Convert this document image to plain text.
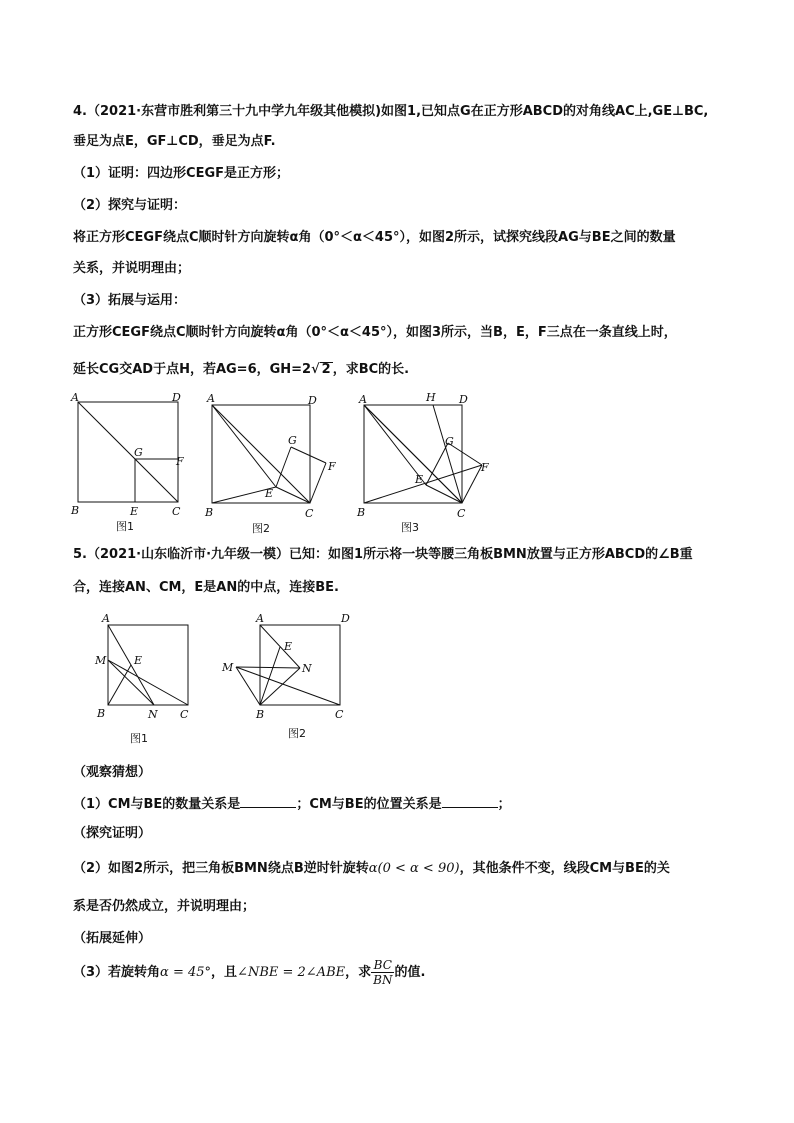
4.（2021·东营市胜利第三十九中学九年级其他模拟)如图1,已知点G在正方形ABCD的对角线AC上,GE⊥BC,
垂足为点E，GF⊥CD，垂足为点F.
（1）证明：四边形CEGF是正方形；
（2）探究与证明：
将正方形CEGF绕点C顺时针方向旋转α角（0°＜α＜45°），如图2所示，试探究线段AG与BE之间的数量
关系，并说明理由；
（3）拓展与运用：
正方形CEGF绕点C顺时针方向旋转α角（0°＜α＜45°），如图3所示，当B，E，F三点在一条直线上时，
延长CG交AD于点H，若AG=6，GH=2√ 2 ，求BC的长.
A	D
B	C
G
F
E
图1
A	D
B	C
G
F
E
图2
A	H D
B	C
G
F
E
图3
5.（2021·山东临沂市·九年级一模）已知：如图1所示将一块等腰三角板BMN放置与正方形ABCD的∠B重
合，连接AN、CM，E是AN的中点，连接BE.
A
M	E
B	N C
图1
A	D
M
E
N
B	C
图2
（观察猜想）
（1）CM与BE的数量关系是	；CM与BE的位置关系是	；
（探究证明）
（2）如图2所示，把三角板BMN绕点B逆时针旋转α(0 < α < 90)，其他条件不变，线段CM与BE的关
系是否仍然成立，并说明理由；
（拓展延伸）
（3）若旋转角α = 45°，且∠NBE = 2∠ABE，求 $\frac{BC}{BN}$ 的值.
